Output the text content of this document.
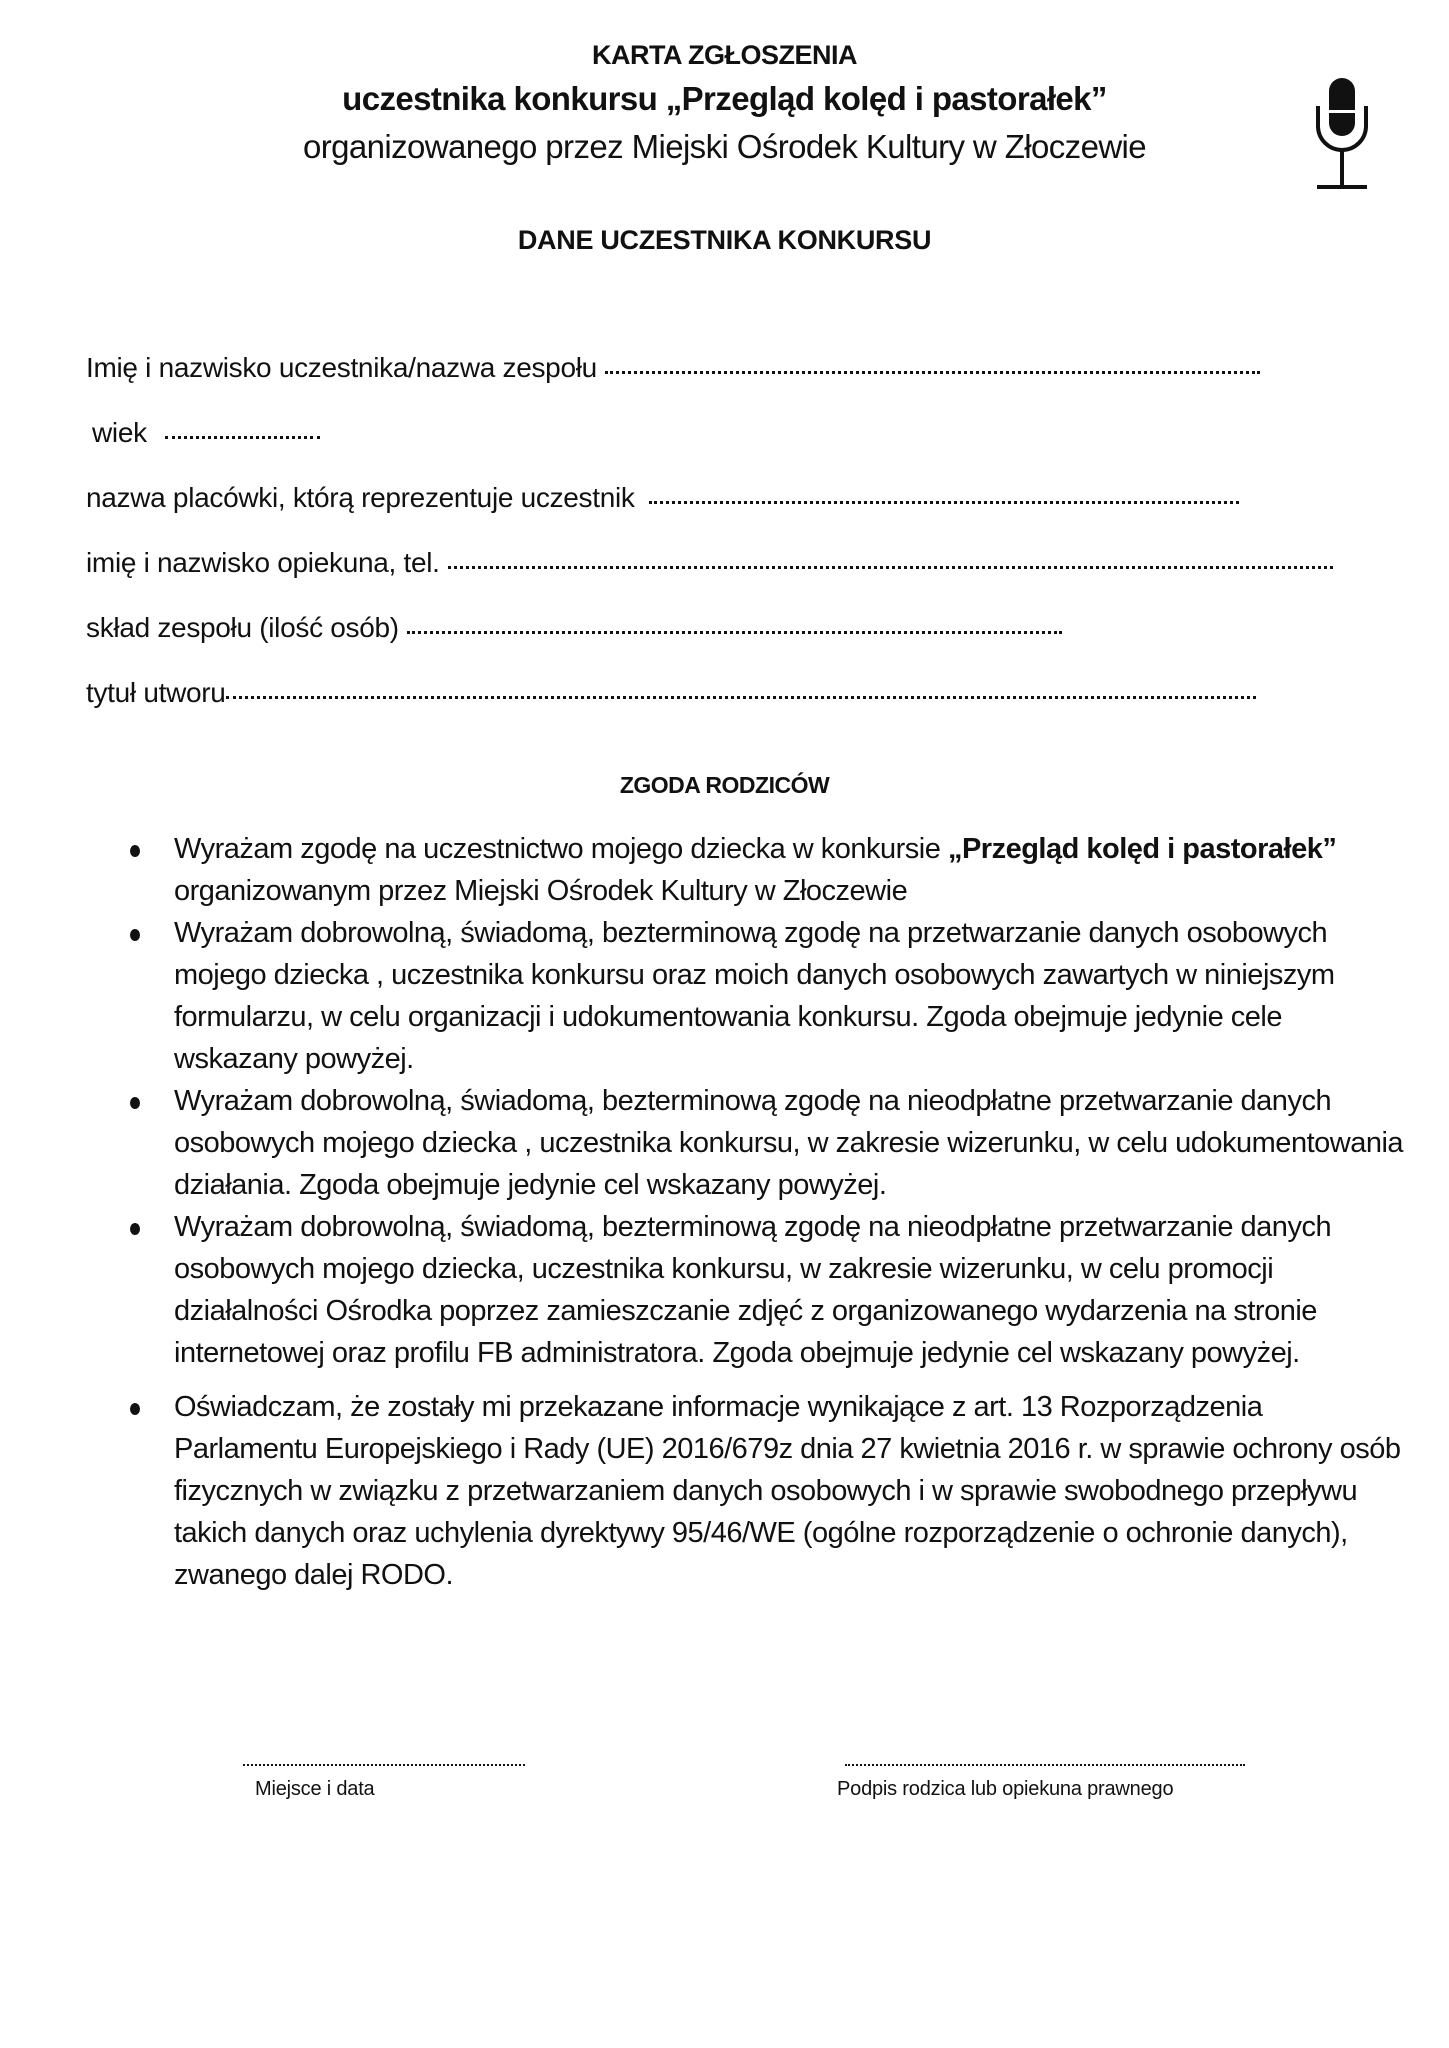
KARTA ZGŁOSZENIA
uczestnika konkursu „Przegląd kolęd i pastorałek”
organizowanego przez Miejski Ośrodek Kultury w Złoczewie
DANE UCZESTNIKA KONKURSU
Imię i nazwisko uczestnika/nazwa zespołu
wiek
nazwa placówki, którą reprezentuje uczestnik
imię i nazwisko opiekuna, tel.
skład zespołu (ilość osób)
tytuł utworu
ZGODA RODZICÓW
Wyrażam zgodę na uczestnictwo mojego dziecka w konkursie „Przegląd kolęd i pastorałek” organizowanym przez Miejski Ośrodek Kultury w Złoczewie
Wyrażam dobrowolną, świadomą, bezterminową zgodę na przetwarzanie danych osobowych mojego dziecka , uczestnika konkursu oraz moich danych osobowych zawartych w niniejszym formularzu, w celu organizacji i udokumentowania konkursu. Zgoda obejmuje jedynie cele wskazany powyżej.
Wyrażam dobrowolną, świadomą, bezterminową zgodę na nieodpłatne przetwarzanie danych osobowych mojego dziecka , uczestnika konkursu, w zakresie wizerunku, w celu udokumentowania działania. Zgoda obejmuje jedynie cel wskazany powyżej.
Wyrażam dobrowolną, świadomą, bezterminową zgodę na nieodpłatne przetwarzanie danych osobowych mojego dziecka, uczestnika konkursu, w zakresie wizerunku, w celu promocji działalności Ośrodka poprzez zamieszczanie zdjęć z organizowanego wydarzenia na stronie internetowej oraz profilu FB administratora. Zgoda obejmuje jedynie cel wskazany powyżej.
Oświadczam, że zostały mi przekazane informacje wynikające z art. 13 Rozporządzenia Parlamentu Europejskiego i Rady (UE) 2016/679z dnia 27 kwietnia 2016 r. w sprawie ochrony osób fizycznych w związku z przetwarzaniem danych osobowych i w sprawie swobodnego przepływu takich danych oraz uchylenia dyrektywy 95/46/WE (ogólne rozporządzenie o ochronie danych), zwanego dalej RODO.
Miejsce i data	Podpis rodzica lub opiekuna prawnego
